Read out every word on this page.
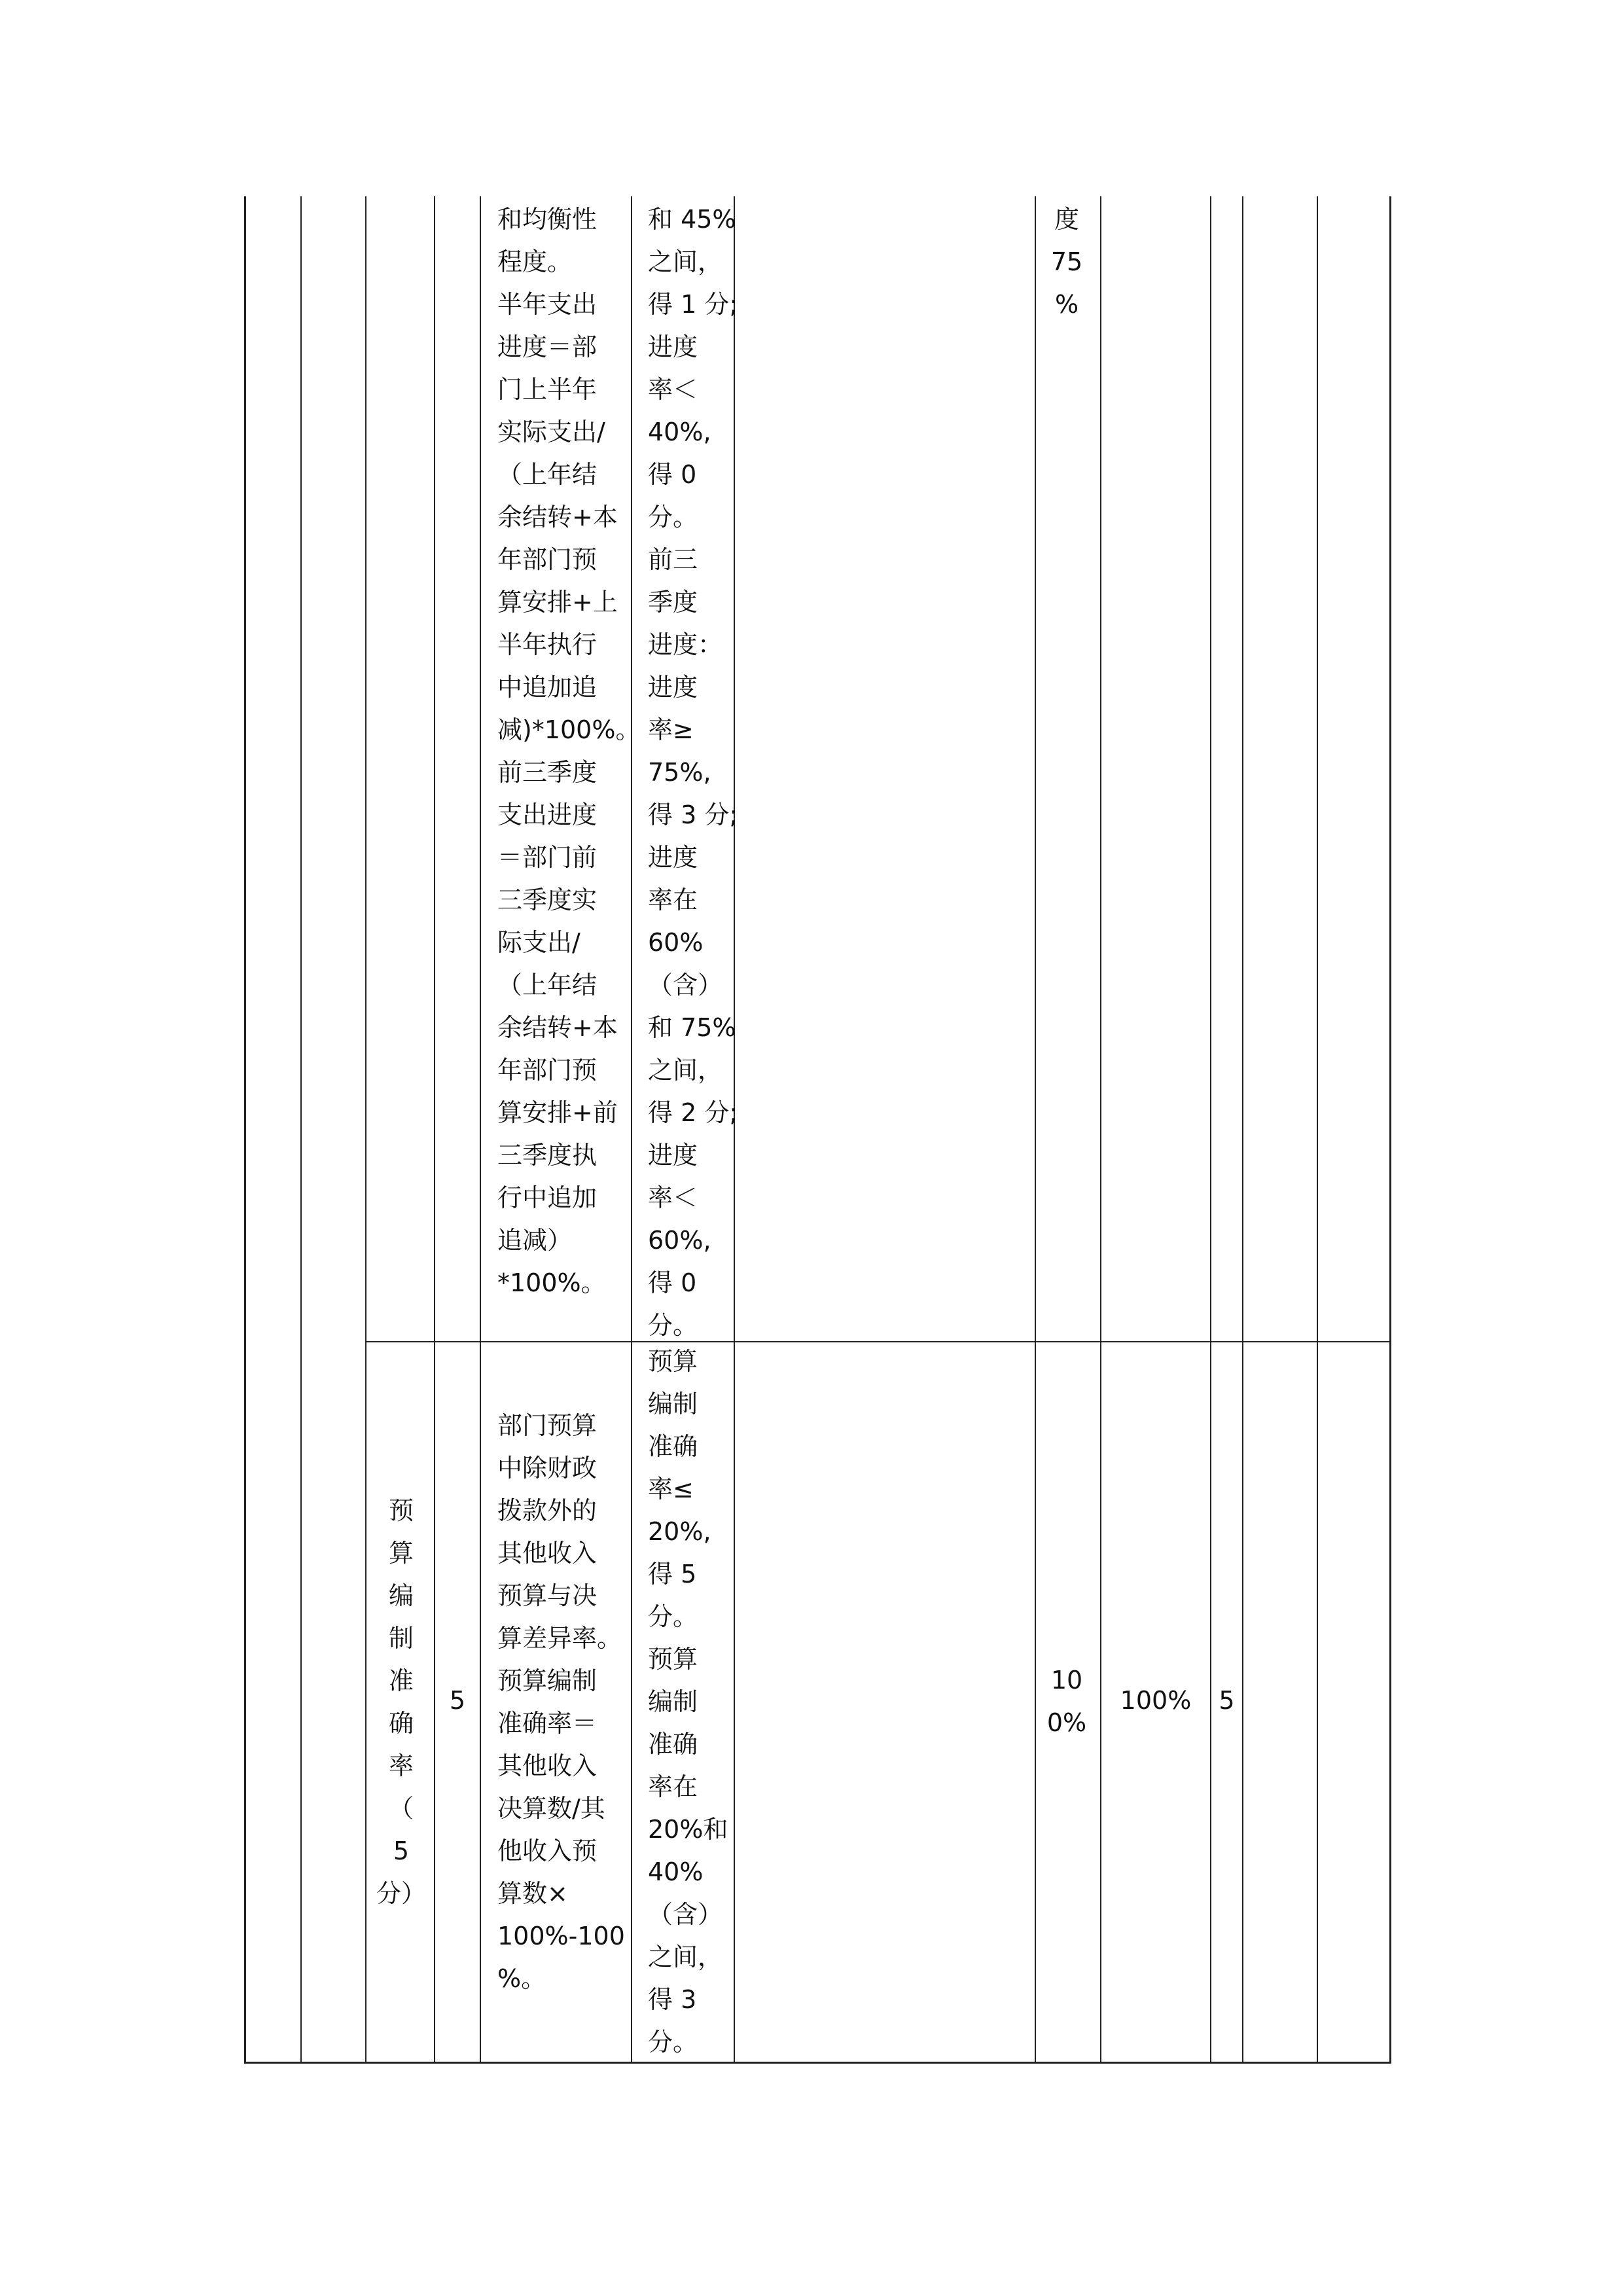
和均衡性
程度。
半年支出
进度＝部
门上半年
实际支出/
（上年结
余结转+本
年部门预
算安排+上
半年执行
中追加追
减)*100%。
前三季度
支出进度
＝部门前
三季度实
际支出/
（上年结
余结转+本
年部门预
算安排+前
三季度执
行中追加
追减）
*100%。
和 45%
之间，
得 1 分;
进度
率＜
40%,
得 0
分。
前三
季度
进度：
进度
率≥
75%,
得 3 分;
进度
率在
60%
（含）
和 75%
之间，
得 2 分;
进度
率＜
60%,
得 0
分。
度
75
%
预
算
编
制
准
确
率
（
5
分）
5
部门预算
中除财政
拨款外的
其他收入
预算与决
算差异率。
预算编制
准确率＝
其他收入
决算数/其
他收入预
算数×
100%-100
%。
预算
编制
准确
率≤
20%,
得 5
分。
预算
编制
准确
率在
20%和
40%
（含）
之间，
得 3
分。
10
0%
100%	5
